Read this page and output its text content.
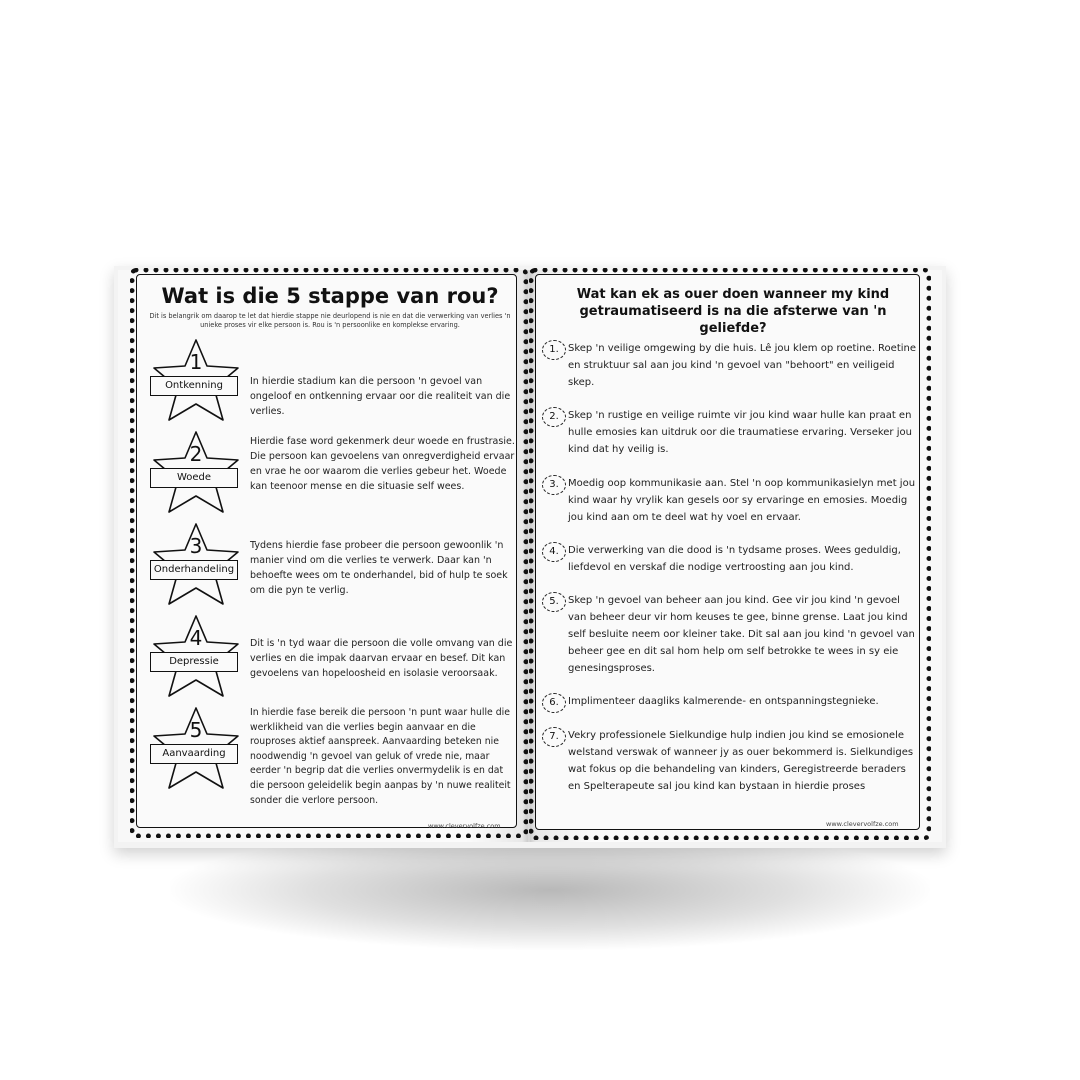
Wat is die 5 stappe van rou?
Dit is belangrik om daarop te let dat hierdie stappe nie deurlopend is nie en dat die verwerking van verlies 'n unieke proses vir elke persoon is. Rou is 'n persoonlike en komplekse ervaring.
1
Ontkenning	In hierdie stadium kan die persoon 'n gevoel van ongeloof en ontkenning ervaar oor die realiteit van die verlies.
2
Woede
Hierdie fase word gekenmerk deur woede en frustrasie. Die persoon kan gevoelens van onregverdigheid ervaar en vrae he oor waarom die verlies gebeur het. Woede kan teenoor mense en die situasie self wees.
3
Onderhandeling
Tydens hierdie fase probeer die persoon gewoonlik 'n manier vind om die verlies te verwerk. Daar kan 'n behoefte wees om te onderhandel, bid of hulp te soek om die pyn te verlig.
4
Depressie
Dit is 'n tyd waar die persoon die volle omvang van die verlies en die impak daarvan ervaar en besef. Dit kan gevoelens van hopeloosheid en isolasie veroorsaak.
5
Aanvaarding
In hierdie fase bereik die persoon 'n punt waar hulle die werklikheid van die verlies begin aanvaar en die rouproses aktief aanspreek. Aanvaarding beteken nie noodwendig 'n gevoel van geluk of vrede nie, maar eerder 'n begrip dat die verlies onvermydelik is en dat die persoon geleidelik begin aanpas by 'n nuwe realiteit sonder die verlore persoon.
www.clevervolfze.com
Wat kan ek as ouer doen wanneer my kind
getraumatiseerd is na die afsterwe van 'n geliefde?
1. Skep 'n veilige omgewing by die huis. Lê jou klem op roetine. Roetine en struktuur sal aan jou kind 'n gevoel van "behoort" en veiligeid skep.
2. Skep 'n rustige en veilige ruimte vir jou kind waar hulle kan praat en hulle emosies kan uitdruk oor die traumatiese ervaring. Verseker jou kind dat hy veilig is.
3. Moedig oop kommunikasie aan. Stel 'n oop kommunikasielyn met jou kind waar hy vrylik kan gesels oor sy ervaringe en emosies. Moedig jou kind aan om te deel wat hy voel en ervaar.
4. Die verwerking van die dood is 'n tydsame proses. Wees geduldig, liefdevol en verskaf die nodige vertroosting aan jou kind.
5. Skep 'n gevoel van beheer aan jou kind. Gee vir jou kind 'n gevoel van beheer deur vir hom keuses te gee, binne grense. Laat jou kind self besluite neem oor kleiner take. Dit sal aan jou kind 'n gevoel van beheer gee en dit sal hom help om self betrokke te wees in sy eie genesingsproses.
6. Implimenteer daagliks kalmerende- en ontspanningstegnieke.
7. Vekry professionele Sielkundige hulp indien jou kind se emosionele welstand verswak of wanneer jy as ouer bekommerd is. Sielkundiges wat fokus op die behandeling van kinders, Geregistreerde beraders en Spelterapeute sal jou kind kan bystaan in hierdie proses
www.clevervolfze.com
